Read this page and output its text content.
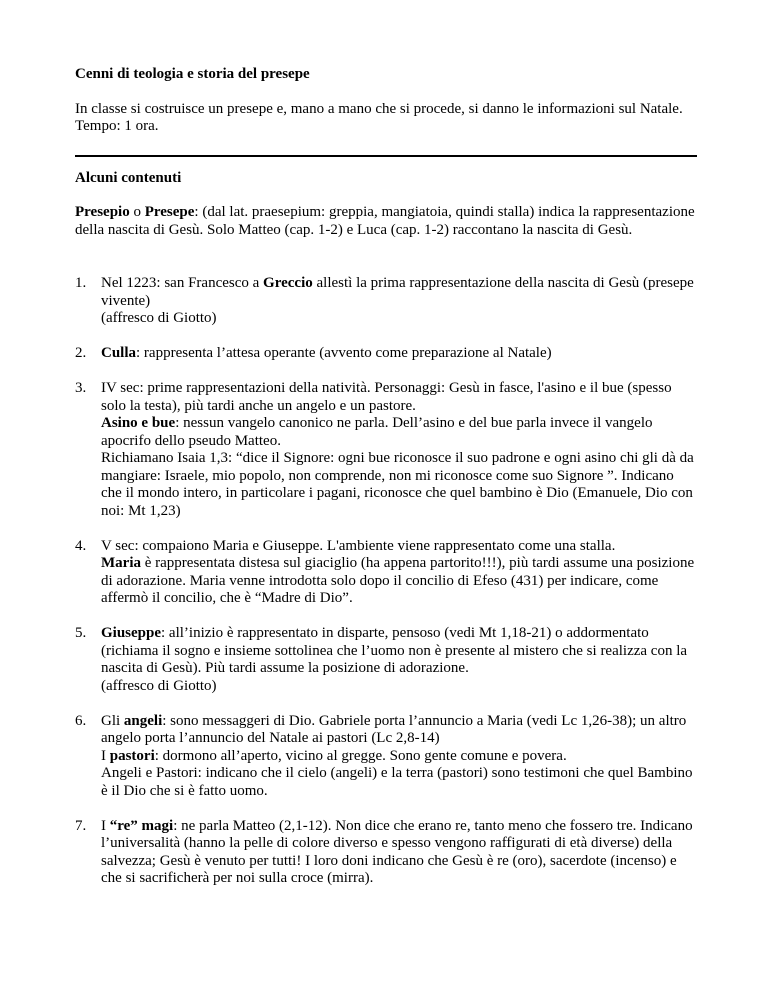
Cenni di teologia e storia del presepe

In classe si costruisce un presepe e, mano a mano che si procede, si danno le informazioni sul Natale. Tempo: 1 ora.

Alcuni contenuti

Presepio o Presepe: (dal lat. praesepium: greppia, mangiatoia, quindi stalla) indica la rappresentazione della nascita di Gesù. Solo Matteo (cap. 1-2) e Luca (cap. 1-2) raccontano la nascita di Gesù.

1. Nel 1223: san Francesco a Greccio allestì la prima rappresentazione della nascita di Gesù (presepe vivente)
(affresco di Giotto)
2. Culla: rappresenta l’attesa operante (avvento come preparazione al Natale)
3. IV sec: prime rappresentazioni della natività. Personaggi: Gesù in fasce, l'asino e il bue (spesso solo la testa), più tardi anche un angelo e un pastore.
Asino e bue: nessun vangelo canonico ne parla. Dell’asino e del bue parla invece il vangelo apocrifo dello pseudo Matteo.
Richiamano Isaia 1,3: “dice il Signore: ogni bue riconosce il suo padrone e ogni asino chi gli dà da mangiare: Israele, mio popolo, non comprende, non mi riconosce come suo Signore ”. Indicano che il mondo intero, in particolare i pagani, riconosce che quel bambino è Dio (Emanuele, Dio con noi: Mt 1,23)
4. V sec: compaiono Maria e Giuseppe. L'ambiente viene rappresentato come una stalla.
Maria è rappresentata distesa sul giaciglio (ha appena partorito!!!), più tardi assume una posizione di adorazione. Maria venne introdotta solo dopo il concilio di Efeso (431) per indicare, come affermò il concilio, che è “Madre di Dio”.
5. Giuseppe: all’inizio è rappresentato in disparte, pensoso (vedi Mt 1,18-21) o addormentato (richiama il sogno e insieme sottolinea che l’uomo non è presente al mistero che si realizza con la nascita di Gesù). Più tardi assume la posizione di adorazione.
(affresco di Giotto)
6. Gli angeli: sono messaggeri di Dio. Gabriele porta l’annuncio a Maria (vedi Lc 1,26-38); un altro angelo porta l’annuncio del Natale ai pastori (Lc 2,8-14)
I pastori: dormono all’aperto, vicino al gregge. Sono gente comune e povera.
Angeli e Pastori: indicano che il cielo (angeli) e la terra (pastori) sono testimoni che quel Bambino è il Dio che si è fatto uomo.
7. I “re” magi: ne parla Matteo (2,1-12). Non dice che erano re, tanto meno che fossero tre. Indicano l’universalità (hanno la pelle di colore diverso e spesso vengono raffigurati di età diverse) della salvezza; Gesù è venuto per tutti! I loro doni indicano che Gesù è re (oro), sacerdote (incenso) e che si sacrificherà per noi sulla croce (mirra).
